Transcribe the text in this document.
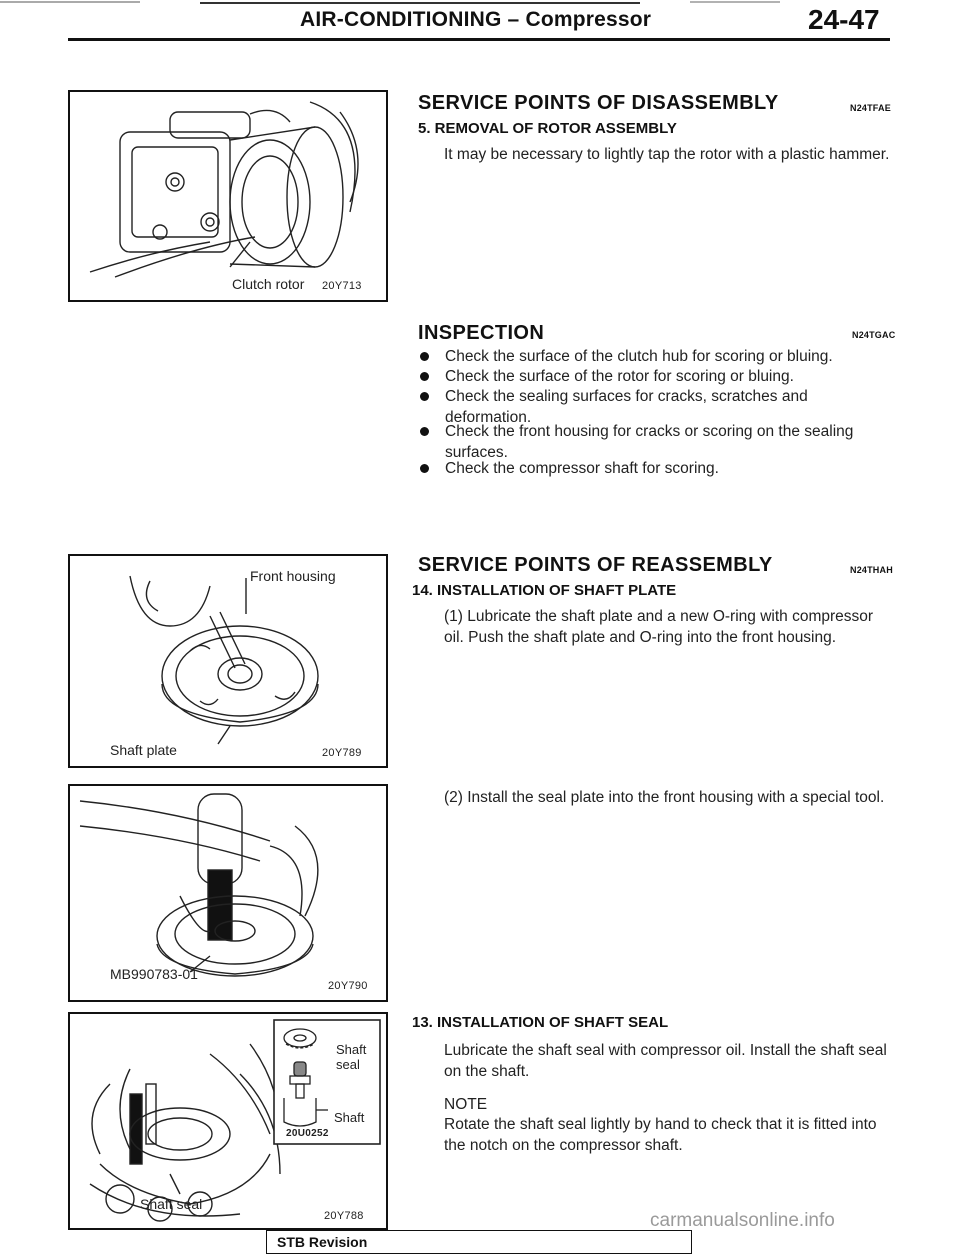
AIR-CONDITIONING – Compressor	24-47
Clutch rotor 20Y713
Front housing
Shaft plate	20Y789
MB990783-01
20Y790
Shaft seal
Shaft
20U0252
Shaft seal
20Y788
SERVICE POINTS OF DISASSEMBLY	N24TFAE
5. REMOVAL OF ROTOR ASSEMBLY
It may be necessary to lightly tap the rotor with a plastic hammer.
INSPECTION	N24TGAC
Check the surface of the clutch hub for scoring or bluing.
Check the surface of the rotor for scoring or bluing.
Check the sealing surfaces for cracks, scratches and deformation.
Check the front housing for cracks or scoring on the sealing surfaces.
Check the compressor shaft for scoring.
SERVICE POINTS OF REASSEMBLY	N24THAH
14. INSTALLATION OF SHAFT PLATE
(1) Lubricate the shaft plate and a new O-ring with compressor oil. Push the shaft plate and O-ring into the front housing.
(2) Install the seal plate into the front housing with a special tool.
13. INSTALLATION OF SHAFT SEAL
Lubricate the shaft seal with compressor oil. Install the shaft seal on the shaft.
NOTE
Rotate the shaft seal lightly by hand to check that it is fitted into the notch on the compressor shaft.
STB Revision
carmanualsonline.info
